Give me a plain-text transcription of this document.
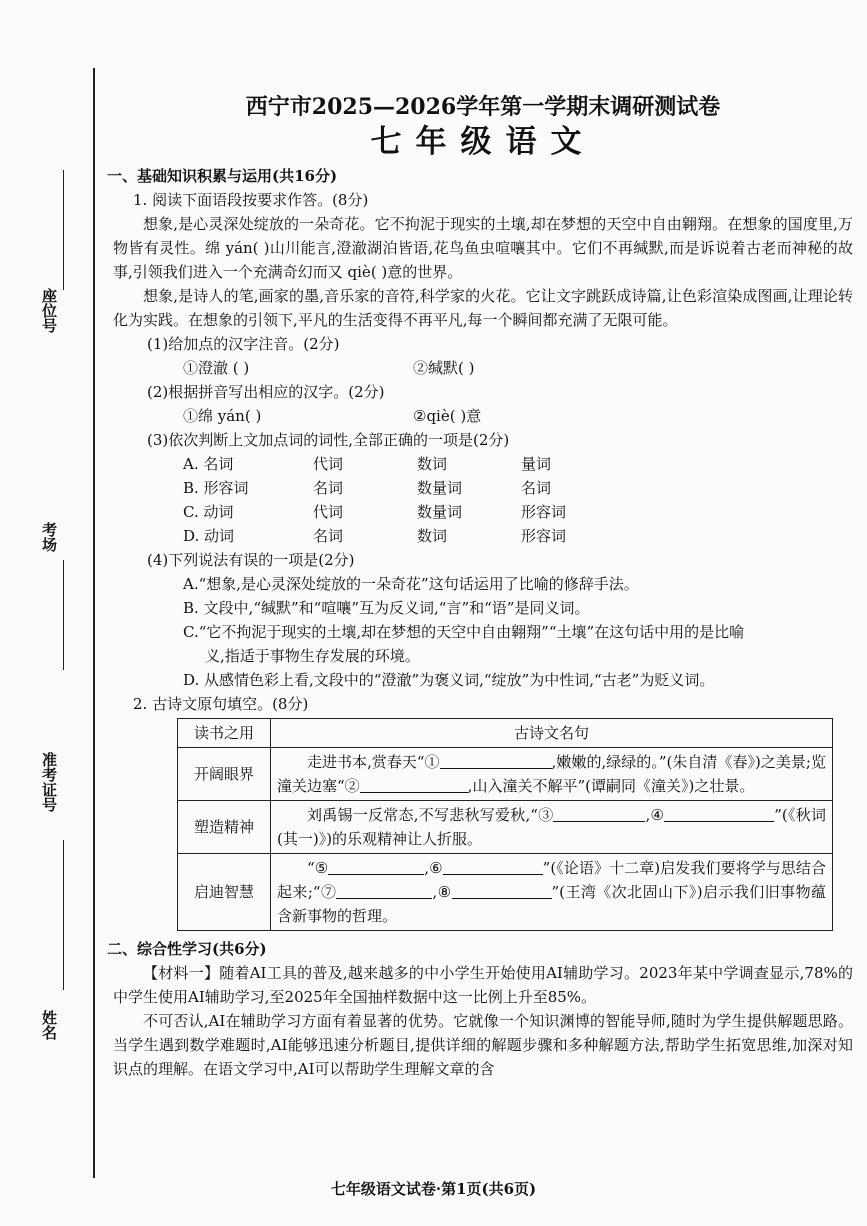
座位号
考场
准考证号
姓名
西宁市2025—2026学年第一学期末调研测试卷
七年级语文
一、基础知识积累与运用(共16分)
1. 阅读下面语段按要求作答。(8分)
想象,是心灵深处绽放的一朵奇花。它不拘泥于现实的土壤,却在梦想的天空中自由翱翔。在想象的国度里,万物皆有灵性。绵 yán( )山川能言,澄澈湖泊皆语,花鸟鱼虫喧嚷其中。它们不再缄默,而是诉说着古老而神秘的故事,引领我们进入一个充满奇幻而又 qiè( )意的世界。
想象,是诗人的笔,画家的墨,音乐家的音符,科学家的火花。它让文字跳跃成诗篇,让色彩渲染成图画,让理论转化为实践。在想象的引领下,平凡的生活变得不再平凡,每一个瞬间都充满了无限可能。
(1)给加点的汉字注音。(2分)
①澄澈 ( )	②缄默( )
(2)根据拼音写出相应的汉字。(2分)
①绵 yán( )	②qiè( )意
(3)依次判断上文加点词的词性,全部正确的一项是(2分)
A. 名词	代词	数词	量词
B. 形容词	名词	数量词	名词
C. 动词	代词	数量词	形容词
D. 动词	名词	数词	形容词
(4)下列说法有误的一项是(2分)
A.“想象,是心灵深处绽放的一朵奇花”这句话运用了比喻的修辞手法。
B. 文段中,“缄默”和“喧嚷”互为反义词,“言”和“语”是同义词。
C.“它不拘泥于现实的土壤,却在梦想的天空中自由翱翔”“土壤”在这句话中用的是比喻
义,指适于事物生存发展的环境。
D. 从感情色彩上看,文段中的“澄澈”为褒义词,“绽放”为中性词,“古老”为贬义词。
2. 古诗文原句填空。(8分)
读书之用	古诗文名句
开阔眼界	走进书本,赏春天“① ,嫩嫩的,绿绿的。”(朱自清《春》)之美景;览潼关边塞“② ,山入潼关不解平”(谭嗣同《潼关》)之壮景。
塑造精神	刘禹锡一反常态,不写悲秋写爱秋,“③ ,④ ”(《秋词(其一)》)的乐观精神让人折服。
启迪智慧	“⑤ ,⑥ ”(《论语》十二章)启发我们要将学与思结合起来;“⑦ ,⑧ ”(王湾《次北固山下》)启示我们旧事物蕴含新事物的哲理。
二、综合性学习(共6分)
【材料一】随着AI工具的普及,越来越多的中小学生开始使用AI辅助学习。2023年某中学调查显示,78%的中学生使用AI辅助学习,至2025年全国抽样数据中这一比例上升至85%。
不可否认,AI在辅助学习方面有着显著的优势。它就像一个知识渊博的智能导师,随时为学生提供解题思路。当学生遇到数学难题时,AI能够迅速分析题目,提供详细的解题步骤和多种解题方法,帮助学生拓宽思维,加深对知识点的理解。在语文学习中,AI可以帮助学生理解文章的含
七年级语文试卷·第1页(共6页)
